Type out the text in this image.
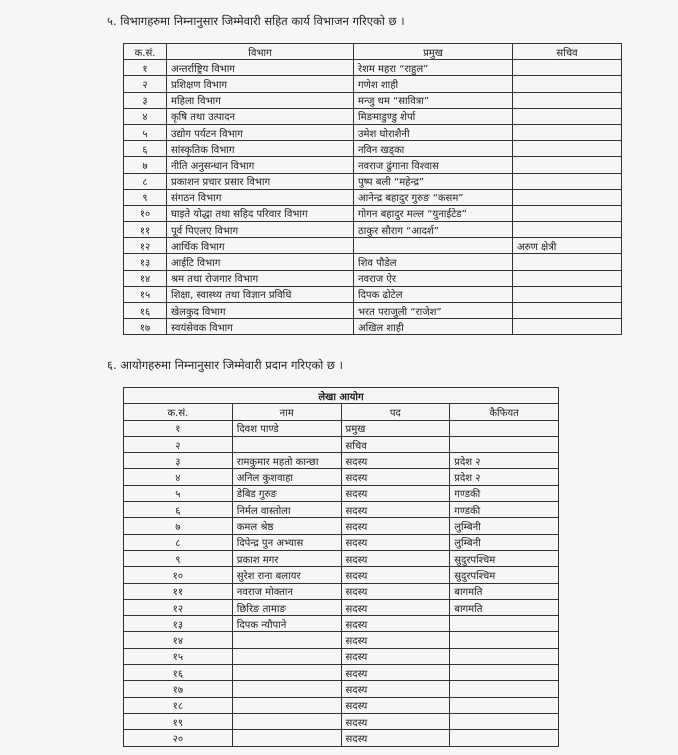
५. विभागहरुमा निम्नानुसार जिम्मेवारी सहित कार्य विभाजन गरिएको छ ।
क.सं.	विभाग	प्रमुख	सचिव
१	अन्तर्राष्ट्रिय विभाग	रेशम महरा “राहुल”	
२	प्रशिक्षण विभाग	गणेश शाही	
३	महिला विभाग	मन्जु थम “सावित्रा”	
४	कृषि तथा उत्पादन	मिङमाडुण्डु शेर्पा	
५	उद्योग पर्यटन विभाग	उमेश घोराशैनी	
६	सांस्कृतिक विभाग	नविन खड्का	
७	नीति अनुसन्धान विभाग	नवराज ढुंगाना विश्वास	
८	प्रकाशन प्रचार प्रसार विभाग	पुष्प बली “महेन्द्र”	
९	संगठन विभाग	आनेन्द्र बहादुर गुरुङ “कसम”	
१०	घाइते योद्धा तथा सहिद परिवार विभाग	गोगन बहादुर मल्ल “युनाईटेड”	
११	पूर्व पिएलए विभाग	ठाकुर सौराग “आदर्श”	
१२	आर्थिक विभाग		अरुण क्षेत्री
१३	आईटि विभाग	शिव पौडेल	
१४	श्रम तथा रोजगार विभाग	नवराज ऐर	
१५	शिक्षा, स्वास्थ्य तथा विज्ञान प्रविधि	दिपक ढोटेल	
१६	खेलकुद विभाग	भरत पराजुली “राजेश”	
१७	स्वयंसेवक विभाग	अखिल शाही	
६. आयोगहरुमा निम्नानुसार जिम्मेवारी प्रदान गरिएको छ ।
लेखा आयोग			
क.सं.	नाम	पद	कैफियत
१	दिवश पाण्डे	प्रमुख	
२		सचिव	
३	रामकुमार महतो कान्छा	सदस्य	प्रदेश २
४	अनिल कुशवाहा	सदस्य	प्रदेश २
५	डेबिड गुरुङ	सदस्य	गण्डकी
६	निर्मल वास्तोला	सदस्य	गण्डकी
७	कमल श्रेष्ठ	सदस्य	लुम्बिनी
८	दिपेन्द्र पुन अभ्यास	सदस्य	लुम्बिनी
९	प्रकाश मगर	सदस्य	सुदुरपश्चिम
१०	सुरेश राना बलायर	सदस्य	सुदुरपश्चिम
११	नवराज मोक्तान	सदस्य	बागमति
१२	छिरिङ तामाङ	सदस्य	बागमति
१३	दिपक न्यौपाने	सदस्य	
१४		सदस्य	
१५		सदस्य	
१६		सदस्य	
१७		सदस्य	
१८		सदस्य	
१९		सदस्य	
२०		सदस्य	
